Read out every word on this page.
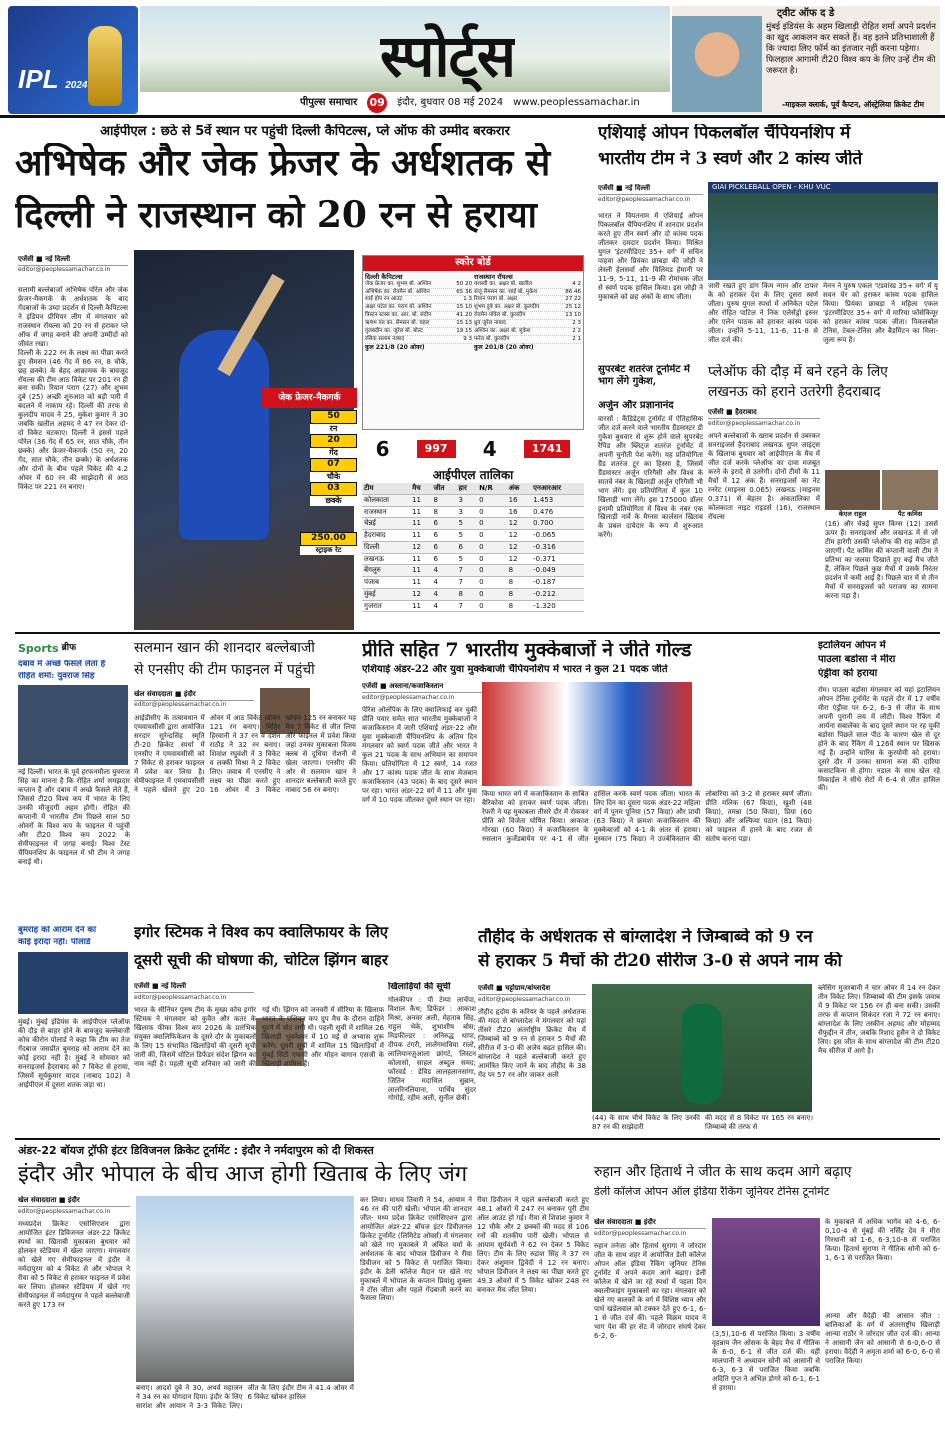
IPL 2024	स्पोर्ट्स
पीपुल्स समाचार 09 इंदौर, बुधवार 08 मई 2024 www.peoplessamachar.in
ट्वीट ऑफ द डे
मुंबई इंडियंस के अहम खिलाड़ी रोहित शर्मा अपने प्रदर्शन का खुद आकलन कर सकते हैं। वह इतने प्रतिभाशाली हैं कि ज्यादा लिए फॉर्म का इंतजार नहीं करना पड़ेगा। फिलहाल आगामी टी20 विश्व कप के लिए उन्हें टीम की जरूरत है।
-माइकल क्लार्क, पूर्व कैप्टन, ऑस्ट्रेलिया क्रिकेट टीम
आईपीएल : छठे से 5वें स्थान पर पहुंची दिल्ली कैपिटल्स, प्ले ऑफ की उम्मीद बरकरार
अभिषेक और जेक फ्रेजर के अर्धशतक से
दिल्ली ने राजस्थान को 20 रन से हराया
एजेंसी ■ नई दिल्ली
editor@peoplessamachar.co.in
सलामी बल्लेबाजों अभिषेक पोरेल और जेक फ्रेजर-मैकगर्क के अर्धशतक के बाद गेंदबाजों के उम्दा प्रदर्शन से दिल्ली कैपिटल्स ने इंडियन प्रीमियर लीग में मंगलवार को राजस्थान रॉयल्स को 20 रन से हराकर प्ले ऑफ में जगह बनाने की अपनी उम्मीदों को जीवंत रखा।
दिल्ली के 222 रन के लक्ष्य का पीछा करते हुए सैमसन (46 गेंद में 86 रन, 8 चौके, छह छक्के) के बेहद आक्रामक के बावजूद रॉयल्स की टीम आठ विकेट पर 201 रन ही बना सकी। रियान पराग (27) और शुभम दुबे (25) अच्छी शुरुआत को बड़ी पारी में बदलने में नाकाम रहे। दिल्ली की तरफ से कुलदीप यादव ने 25, मुकेश कुमार ने 30 जबकि खलील अहमद ने 47 रन देकर दो-दो विकेट चटकाए। दिल्ली ने इससे पहले पोरेल (36 गेंद में 65 रन, सात चौके, तीन छक्के) और फ्रेजर-मैकगर्क (50 रन, 20 गेंद, सात चौके, तीन छक्के) के अर्धशतक और दोनों के बीच पहले विकेट की 4.2 ओवर में 60 रन की साझेदारी से आठ विकेट पर 221 रन बनाए।
जेक फ्रेजर-मैकगर्क
50
रन
20
गेंद
07
चौके
03
छक्के
250.00
स्ट्राइक रेट
स्कोर बोर्ड
दिल्ली कैपिटल्स
जेक फ्रेजर का. शुभम बो. अश्विन	50 20
अभिषेक का. रोवमैन बो. अश्विन	65 36
शाई होप रन आउट	1 3
अक्षर पटेल का. पराग बो. अश्विन	15 10
त्रिस्टन स्टब्स का. आर. बो. संदीप	41 20
ऋषभ पंत का. सैमसन बो. चहल	15 13
गुलबदीन का. जुरेल बो. बोल्ट	19 15
रसिक सलाम नाबाद	9 3
कुल 221/8 (20 ओवर)
राजस्थान रॉयल्स
यशस्वी का. अक्षर बो. खलील	4 2
संजू सैमसन का. शाई बो. मुकेश	86 46
रियान पराग बो. अक्षर	27 22
शुभम दुबे का. अक्षर बो. कुलदीप	25 12
रोवमैन पॉवेल बो. कुलदीप	13 10
ध्रुव जुरेल नाबाद	2 3
अश्विन का. अक्षर बो. मुकेश	2 2
फरेरा बो. कुलदीप	2 1
कुल 201/8 (20 ओवर)
6	997	4	1741
आईपीएल तालिका
टीम	मैच	जीत	हार	N/R	अंक	एनआरआर
कोलकाता	11	8	3	0	16	1.453
राजस्थान	11	8	3	0	16	0.476
चेन्नई	11	6	5	0	12	0.700
हैदराबाद	11	6	5	0	12	-0.065
दिल्ली	12	6	6	0	12	-0.316
लखनऊ	11	6	5	0	12	-0.371
बेंगलुरु	11	4	7	0	8	-0.049
पंजाब	11	4	7	0	8	-0.187
मुंबई	12	4	8	0	8	-0.212
गुजरात	11	4	7	0	8	-1.320
एशियाई ओपन पिकलबॉल चैंपियनशिप में
भारतीय टीम ने 3 स्वर्ण और 2 कांस्य जीते
एजेंसी ■ नई दिल्ली
editor@peoplessamachar.co.in
भारत ने वियतनाम में एशियाई ओपन पिकलबॉल चैंपियनशिप में शानदार प्रदर्शन करते हुए तीन स्वर्ण और दो कांस्य पदक जीतकर दमदार प्रदर्शन किया। मिश्रित युगल 'इंटरमीडिएट 35+ वर्ग' में सचिन पाहवा और प्रियंका छाबड़ा की जोड़ी ने लेस्ली हेलसर्वा और विलियड हेमानी पर 11-9, 5-11, 11-9 की रोमांचक जीत से स्वर्ण पदक हासिल किया। इस जोड़ी ने मुकाबले को छह अंकों के साथ जीता।
GIAI PICKLEBALL OPEN - KHU VUC
जारी रखते हुए डांग किम न्गान और टाफर के को हराकर देश के लिए दूसरा स्वर्ण जीता। पुरुष युगल स्पर्धा में अनिकेत पटेल और रोहित पाटिल ने निक एलेसेंड्रो इस्नर और एलेन पाठक को हराकर कांस्य पदक जीता। उन्होंने 5-11, 11-6, 11-8 से जीत दर्ज की।
मेनन ने पुरुष एकल 'एडवांस्ड 35+ वर्ग' में यू सवन चेर को हराकर कांस्य पदक हासिल किया। प्रियंका छाबड़ा ने महिला एकल 'इंटरमीडिएट 35+ वर्ग' में मारिया फोंसेकियूर को हराकर कांस्य पदक जीता। पिकलबॉल टेनिस, टेबल-टेनिस और बैडमिंटन का मिला-जुला रूप है।
सुपरबेट शतरंज टूर्नामेंट में भाग लेंगे गुकेश,
अर्जुन और प्रज्ञानानंद
वारसॉ : कैंडिडेट्स टूर्नामेंट में ऐतिहासिक जीत दर्ज करने वाले भारतीय ग्रैंडमास्टर डी गुकेश बुधवार से शुरू होने वाले सुपरबेट रैपिड और ब्लिट्ज शतरंज टूर्नामेंट में अपनी चुनौती पेश करेंगे। यह प्रतियोगिता ग्रैंड शतरंज टूर का हिस्सा है, जिसमें ग्रैंडमास्टर अर्जुन एरिगैसी और विश्व के सातवें नंबर के खिलाड़ी अर्जुन एरिगैसी भी भाग लेंगे। इस प्रतियोगिता में कुल 10 खिलाड़ी भाग लेंगे। इस 175000 डॉलर इनामी प्रतियोगिता में विश्व के नंबर एक खिलाड़ी नार्वे के मैग्नस कार्लसन खिताब के प्रबल दावेदार के रूप में शुरुआत करेंगे।
प्लेऑफ की दौड़ में बने रहने के लिए
लखनऊ को हराने उतरेगी हैदराबाद
एजेंसी ■ हैदराबाद
editor@peoplessamachar.co.in
अपने बल्लेबाजों के खराब प्रदर्शन से उबरकर सनराइजर्स हैदराबाद लखनऊ सुपर जाइंट्स के खिलाफ बुधवार को आईपीएल के मैच में जीत दर्ज करके प्लेऑफ का दावा मजबूत करने के इरादे से उतरेगी। दोनों टीमों के 11 मैचों में 12 अंक हैं। सनराइजर्स का नेट रनरेट (माइनस 0.065) लखनऊ (माइनस 0.371) से बेहतर है। अंकतालिका में कोलकाता नाइट राइडर्स (16), राजस्थान रॉयल्स	केएल राहुल	पैट कमिंस
(16) और चेन्नई सुपर किंग्स (12) उससे ऊपर हैं। सनराइजर्स और लखनऊ में से जो टीम हारेगी उसकी प्लेऑफ की राह कठिन हो जाएगी। पैट कमिंस की कप्तानी वाली टीम ने प्रतिभा का जलवा दिखाते हुए कई मैच जीते हैं, लेकिन पिछले कुछ मैचों में उसके निरंतर प्रदर्शन में कमी आई है। पिछले चार में से तीन मैचों में सनराइजर्स को पराजय का सामना करना पड़ा है।
Sports ब्रीफ
दबाव में अच्छे फैसले लेता है
रोहित शर्मा: युवराज सिंह
नई दिल्ली। भारत के पूर्व हरफनमौला युवराज सिंह का मानना है कि रोहित शर्मा समझदार कप्तान हैं और दबाव में अच्छे फैसले लेते हैं, जिससे टी20 विश्व कप में भारत के लिए उनकी मौजूदगी अहम होगी। रोहित की कप्तानी में भारतीय टीम पिछले साल 50 ओवरों के विश्व कप के फाइनल में पहुंची और टी20 विश्व कप 2022 के सेमीफाइनल में जगह बनाई। विश्व टेस्ट चैंपियनशिप के फाइनल में भी टीम ने जगह बनाई थी।
बुमराह को आराम देने का
कोई इरादा नहीं: पोलार्ड
मुंबई। मुंबई इंडियंस के आईपीएल प्लेऑफ की दौड़ से बाहर होने के बावजूद बल्लेबाजी कोच कीरोन पोलार्ड ने कहा कि टीम का तेज गेंदबाज जसप्रीत बुमराह को आराम देने का कोई इरादा नहीं है। मुंबई ने सोमवार को सनराइजर्स हैदराबाद को 7 विकेट से हराया, जिसमें सूर्यकुमार यादव (नाबाद 102) ने आईपीएल में दूसरा शतक जड़ा था।
सलमान खान की शानदार बल्लेबाजी
से एनसीए की टीम फाइनल में पहुंची
खेल संवाददाता ■ इंदौर
editor@peoplessamachar.co.in
आईडीसीए के तत्वावधान में एमवायसीसी द्वारा आयोजित सरदार सुरेन्द्रसिंह स्मृति टी-20 क्रिकेट स्पर्धा में एनसीए ने एमवायसीसी को 7 विकेट से हराकर फाइनल में प्रवेश कर लिया है। सेमीफाइनल में एमवायसीसी ने पहले खेलते हुए 20 ओवर में आठ विकेट खोकर 121 रन बनाए। मिहिर हिरवानी ने 37 रन व दर्शन राठौड़ ने 32 रन बनाए। शिवांश रघुवंशी ने 3 विकेट व लक्की मिश्रा ने 2 विकेट लिए। जवाब में एनसीए ने लक्ष्य का पीछा करते हुए 16 ओवर में 3 विकेट खोकर 125 रन बनाकर यह मैच 7 विकेट से जीत लिया और फाइनल में प्रवेश किया जहां उनका मुकाबला विजय क्लब से दूधिया रोशनी में खेला जाएगा। एनसीए की ओर से सलमान खान ने शानदार बल्लेबाजी करते हुए नाबाद 56 रन बनाए।
प्रीति सहित 7 भारतीय मुक्केबाजों ने जीते गोल्ड
एशियाई अंडर-22 और युवा मुक्केबाजी चैंपियनशिप में भारत ने कुल 21 पदक जीते
एजेंसी ■ अस्ताना/कजाकिस्तान
editor@peoplessamachar.co.in
पेरिस ओलंपिक के लिए क्वालिफाई कर चुकीं प्रीति पवार समेत सात भारतीय मुक्केबाजों ने कजाकिस्तान में जारी एशियाई अंडर-22 और युवा मुक्केबाजी चैंपियनशिप के अंतिम दिन मंगलवार को स्वर्ण पदक जीते और भारत ने कुल 21 पदक के साथ अभियान का समापन किया। प्रतियोगिता में 12 स्वर्ण, 14 रजत और 17 कांस्य पदक जीत के साथ मेजबान कजाकिस्तान (43 पदक) के बाद दूसरे स्थान पर रहा। भारत अंडर-22 वर्ग में 11 और युवा वर्ग में 10 पदक जीतकर दूसरे स्थान पर रहा।
किया भारत वर्ग में कजाकिस्तान के साबित बैरिकोवा को हराकर स्वर्ण पदक जीता। रेफरी ने यह मुकाबला तीसरे दौर में रोककर प्रीति को विजेता घोषित किया। आकाश गोरखा (60 किग्रा) ने कजाकिस्तान के रुसलान कुर्जेडबायेव पर 4-1 से जीत हासिल करके स्वर्ण पदक जीता। भारत के लिए दिन का दूसरा पदक अंडर-22 महिला वर्ग में पूनम पूनिया (57 किग्रा) और प्राची (63 किग्रा) ने क्रमशः कजाकिस्तान की मुक्केबाजों को 4-1 के अंतर से हराया। मुस्कान (75 किग्रा) ने उज्बेकिस्तान की लोबारिया को 3-2 से हराकर स्वर्ण जीता। प्रीति मलिक (67 किग्रा), खुशी (48 किग्रा), तमन्ना (50 किग्रा), प्रिया (60 किग्रा) और अल्फिया पठान (81 किग्रा) को फाइनल में हारने के बाद रजत से संतोष करना पड़ा।
इटालियन ओपन में
पाउला बडोसा ने मीरा
एंड्रीवा को हराया
रोम। पाउला बडोसा मंगलवार को यहां इटालियन ओपन टेनिस टूर्नामेंट के पहले दौर में 17 वर्षीय मीरा एंड्रीवा पर 6-2, 6-3 से जीत के साथ अपनी पुरानी लय में लौटी। विश्व रैंकिंग में आर्यना सबालेंका के बाद दूसरे स्थान पर रह चुकी बडोसा पिछले साल पीठ के कारण खेल से दूर होने के बाद रैंकिंग में 126वें स्थान पर खिसक गई हैं। उन्होंने चारिस के कुरयोमी को हराया। दूसरे दौर में उनका सामना रूस की दारिया कसाटकिना से होगा। नडाल के साथ खेल रहे मिकाईल ने सीधे सेटों में 6-4 से जीत हासिल की।
इगोर स्टिमक ने विश्व कप क्वालिफायर के लिए
दूसरी सूची की घोषणा की, चोटिल झिंगन बाहर
एजेंसी ■ नई दिल्ली
editor@peoplessamachar.co.in
भारत के सीनियर पुरुष टीम के मुख्य कोच इगोर स्टिमक ने मंगलवार को कुवैत और कतर के खिलाफ फीफा विश्व कप 2026 के प्रारंभिक संयुक्त क्वालिफिकेशन के दूसरे दौर के मुकाबलों के लिए 15 संभावित खिलाड़ियों की दूसरी सूची जारी की, जिसमें चोटिल डिफेंडर संदेश झिंगन का नाम नहीं है। पहली सूची शनिवार को जारी की गई थी। झिंगन को जनवरी में सीरिया के खिलाफ भारत के एशियन कप ग्रुप मैच के दौरान दाहिने घुटने में चोट लगी थी। पहली सूची में शामिल 26 खिलाड़ी भुवनेश्वर में 10 मई से अभ्यास शुरू करेंगे। दूसरी सूची में शामिल 15 खिलाड़ियों में मुंबई सिटी एफसी और मोहन बागान एसजी के खिलाड़ी शामिल हैं।
खिलाड़ियों की सूची
गोलकीपर : पी टेम्पा लाचेंपा, विशाल कैथ; डिफेंडर : आकाश मिश्रा, अनवर अली, मेहताब सिंह, राहुल भेके, शुभाशीष बोस; मिडफील्डर : अनिरुद्ध थापा, दीपक टंगरी, लालेंगमाविया राल्टे, लालियानज़ुआला छांगटे, लिस्टन कोलासो, साहल अब्दुल समद; फॉरवर्ड : डेविड लालहलानसांगा, जितिन मदाथिल सुब्रान, लालरिनलियाना, पार्थिव सुंदर गोगोई, रहीम अली, सुनील छेत्री।
तौहीद के अर्धशतक से बांग्लादेश ने जिम्बाब्वे को 9 रन
से हराकर 5 मैचों की टी20 सीरीज 3-0 से अपने नाम की
एजेंसी ■ चट्टोग्राम/बांग्लादेश
editor@peoplessamachar.co.in
तौहीद हृदोय के करियर के पहले अर्धशतक की मदद से बांग्लादेश ने मंगलवार को यहां तीसरे टी20 अंतर्राष्ट्रीय क्रिकेट मैच में जिम्बाब्वे को 9 रन से हराकर 5 मैचों की सीरीज में 3-0 की अजेय बढ़त हासिल की। बांग्लादेश ने पहले बल्लेबाजी करते हुए आमंत्रित किए जाने के बाद तौहीद के 38 गेंद पर 57 रन और जाकर अली
(44) के साथ चौथे विकेट के लिए उनकी 87 रन की साझेदारी
की मदद से 8 विकेट पर 165 रन बनाए। जिम्बाब्वे की तरफ से
ब्लेसिंग मुजरबानी ने चार ओवर में 14 रन देकर तीन विकेट लिए। जिम्बाब्वे की टीम इसके जवाब में 9 विकेट पर 156 रन ही बना सकी। उसकी तरफ से कप्तान सिकंदर रजा ने 72 रन बनाए। बांग्लादेश के लिए तस्कीन अहमद और मोहम्मद सैफुद्दीन ने तीन, जबकि रिशाद हुसैन ने दो विकेट लिए। इस जीत के साथ बांग्लादेश की टीम टी20 मैच सीरीज में आगे है।
अंडर-22 बॉयज ट्रॉफी इंटर डिविजनल क्रिकेट टूर्नामेंट : इंदौर ने नर्मदापुरम को दी शिकस्त
इंदौर और भोपाल के बीच आज होगी खिताब के लिए जंग
खेल संवाददाता ■ इंदौर
editor@peoplessamachar.co.in
मध्यप्रदेश क्रिकेट एसोसिएशन द्वारा आयोजित इंटर डिविजनल अंडर-22 क्रिकेट स्पर्धा का खिताबी मुकाबला बुधवार को होलकर स्टेडियम में खेला जाएगा। मंगलवार को खेले गए सेमीफाइनल में इंदौर ने नर्मदापुरम को 4 विकेट से और भोपाल ने रीवा को 5 विकेट से हराकर फाइनल में प्रवेश कर लिया। होलकर स्टेडियम में खेले गए सेमीफाइनल में नर्मदापुरम ने पहले बल्लेबाजी करते हुए 173 रन
बनाए। आदर्श दुबे ने 30, अथर्व महाजन ने 34 रन का योगदान दिया। इंदौर के लिए सारांश और आयान ने 3-3 विकेट लिए। जीत के लिए इंदौर टीम ने 41.4 ओवर में 6 विकेट खोकर हासिल
कर लिया। माधव तिवारी ने 54, आयाम ने 46 रन की पारी खेली। भोपाल की शानदार जीत- मध्य प्रदेश क्रिकेट एसोसिएशन द्वारा आयोजित अंडर-22 बॉयज इंटर डिवीजनल क्रिकेट टूर्नामेंट (लिमिटेड ओवर्स) में मंगलवार को खेले गए मुकाबले में अंकित वर्मा के अर्धशतक के बाद भोपाल डिवीजन ने रीवा डिवीजन को 5 विकेट से पराजित किया। इंदौर के डेली कॉलेज मैदान पर खेले गए मुकाबले में भोपाल के कप्तान प्रियांशु शुक्ला ने टॉस जीता और पहले गेंदबाजी करने का फैसला लिया।
रीवा डिवीजन ने पहले बल्लेबाजी करते हुए 48.1 ओवरों में 247 रन बनाकर पूरी टीम ऑल आउट हो गई। रीवा से शिवांश कुमार ने 12 चौके और 2 छक्कों की मदद से 106 रनों की शतकीय पारी खेली। भोपाल से आयाम सूर्यवंशी ने 62 रन देकर 5 विकेट लिए। टीम के लिए रुद्रांश सिंह ने 37 रन देकर अंशुमान द्विवेदी ने 12 रन बनाए। भोपाल डिवीजन ने लक्ष्य का पीछा करते हुए 49.3 ओवरों में 5 विकेट खोकर 248 रन बनाकर मैच जीत लिया।
रुहान और हितार्थ ने जीत के साथ कदम आगे बढ़ाए
डेली कॉलेज ओपन ऑल इंडिया रैंकिंग जूनियर टेनिस टूर्नामेंट
खेल संवाददाता ■ इंदौर
editor@peoplessamachar.co.in
रुहान तनेजा और हितार्थ सुरागा ने जोरदार जीत के साथ शहर में आयोजित डेली कॉलेज ओपन ऑल इंडिया रैंकिंग जूनियर टेनिस टूर्नामेंट में अपने कदम आगे बढ़ाए। डेली कॉलेज में खेले जा रहे स्पर्धा में पहला दिन क्वालीफाइंग मुकाबलों का रहा। मंगलवार को खेले गए बालकों के वर्ग में विशिष्ठ ध्यान और पार्थ खंडेलवाल को टक्कर देते हुए 6-1, 6-1 से जीत दर्ज की। पहले विक्रम यादव ने भाग पेश की हर सेट में जोरदार संघर्ष देकर 6-2, 6-	(3,5),10-6 से पराजित किया। 3 वर्षीय वृहन्नाय जैन ओसक के बेहद मैच में गीतिक के 6-0, 6-1 से जीत दर्ज की। वहीं मालपानी ने अध्यावन सोनी को आसानी से 6-3, 6-3 से पराजित किया जबकि अदिति गुप्त ने अभिज्ञ डोगरे को 6-1, 6-1 से हराया।
के मुकाबले में अधिक भार्गव को 4-6, 6-0,10-4 से मुंबई की नर्सिंह देव ने मीरा गिरधानी को 1-6, 6-3,10-8 से पराजित किया। हितार्थ सुराणा ने गीतिक सोनी को 6-1, 6-1 से पराजित किया।
आन्या और वैदेही की आसान जीत : बालिकाओं के वर्ग में अंतरराष्ट्रीय खिलाड़ी आन्या राठौर ने जोरदार जीत दर्ज की। आन्या ने आसानी जैन को आसानी से 6-0,6-0 से हराया। वैदेही ने अमृता शर्मा को 6-0, 6-0 से पराजित किया।
